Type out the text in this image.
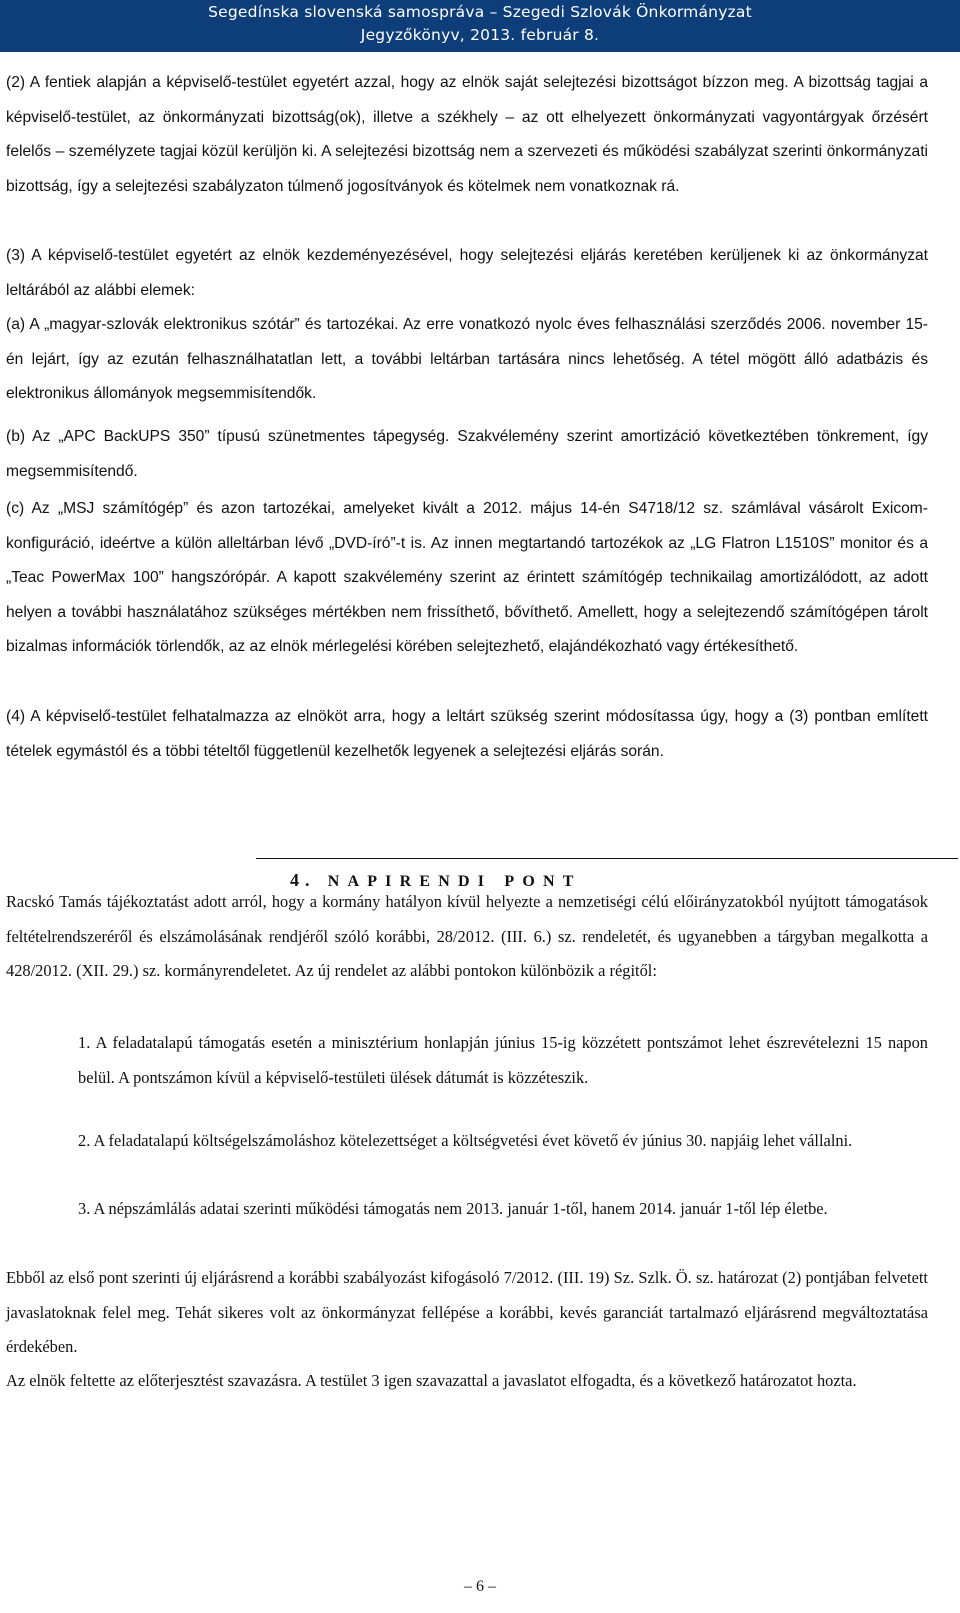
Segedínska slovenská samospráva – Szegedi Szlovák Önkormányzat
Jegyzőkönyv, 2013. február 8.

(2) A fentiek alapján a képviselő-testület egyetért azzal, hogy az elnök saját selejtezési bizottságot bízzon meg. A bizottság tagjai a képviselő-testület, az önkormányzati bizottság(ok), illetve a székhely – az ott elhelyezett önkormányzati vagyontárgyak őrzésért felelős – személyzete tagjai közül kerüljön ki. A selejtezési bizottság nem a szervezeti és működési szabályzat szerinti önkormányzati bizottság, így a selejtezési szabályzaton túlmenő jogosítványok és kötelmek nem vonatkoznak rá.

(3) A képviselő-testület egyetért az elnök kezdeményezésével, hogy selejtezési eljárás keretében kerüljenek ki az önkormányzat leltárából az alábbi elemek:

(a) A „magyar-szlovák elektronikus szótár” és tartozékai. Az erre vonatkozó nyolc éves felhasználási szerződés 2006. november 15-én lejárt, így az ezután felhasználhatatlan lett, a további leltárban tartására nincs lehetőség. A tétel mögött álló adatbázis és elektronikus állományok megsemmisítendők.

(b) Az „APC BackUPS 350” típusú szünetmentes tápegység. Szakvélemény szerint amortizáció következtében tönkrement, így megsemmisítendő.

(c) Az „MSJ számítógép” és azon tartozékai, amelyeket kivált a 2012. május 14-én S4718/12 sz. számlával vásárolt Exicom-konfiguráció, ideértve a külön alleltárban lévő „DVD-író”-t is. Az innen megtartandó tartozékok az „LG Flatron L1510S” monitor és a „Teac PowerMax 100” hangszórópár. A kapott szakvélemény szerint az érintett számítógép technikailag amortizálódott, az adott helyen a további használatához szükséges mértékben nem frissíthető, bővíthető. Amellett, hogy a selejtezendő számítógépen tárolt bizalmas információk törlendők, az az elnök mérlegelési körében selejtezhető, elajándékozható vagy értékesíthető.

(4) A képviselő-testület felhatalmazza az elnököt arra, hogy a leltárt szükség szerint módosítassa úgy, hogy a (3) pontban említett tételek egymástól és a többi tételtől függetlenül kezelhetők legyenek a selejtezési eljárás során.

4. NAPIRENDI PONT

Racskó Tamás tájékoztatást adott arról, hogy a kormány hatályon kívül helyezte a nemzetiségi célú előirányzatokból nyújtott támogatások feltételrendszeréről és elszámolásának rendjéről szóló korábbi, 28/2012. (III. 6.) sz. rendeletét, és ugyanebben a tárgyban megalkotta a 428/2012. (XII. 29.) sz. kormányrendeletet. Az új rendelet az alábbi pontokon különbözik a régitől:

1. A feladatalapú támogatás esetén a minisztérium honlapján június 15-ig közzétett pontszámot lehet észrevételezni 15 napon belül. A pontszámon kívül a képviselő-testületi ülések dátumát is közzéteszik.

2. A feladatalapú költségelszámoláshoz kötelezettséget a költségvetési évet követő év június 30. napjáig lehet vállalni.

3. A népszámlálás adatai szerinti működési támogatás nem 2013. január 1-től, hanem 2014. január 1-től lép életbe.

Ebből az első pont szerinti új eljárásrend a korábbi szabályozást kifogásoló 7/2012. (III. 19) Sz. Szlk. Ö. sz. határozat (2) pontjában felvetett javaslatoknak felel meg. Tehát sikeres volt az önkormányzat fellépése a korábbi, kevés garanciát tartalmazó eljárásrend megváltoztatása érdekében.

Az elnök feltette az előterjesztést szavazásra. A testület 3 igen szavazattal a javaslatot elfogadta, és a következő határozatot hozta.

– 6 –
